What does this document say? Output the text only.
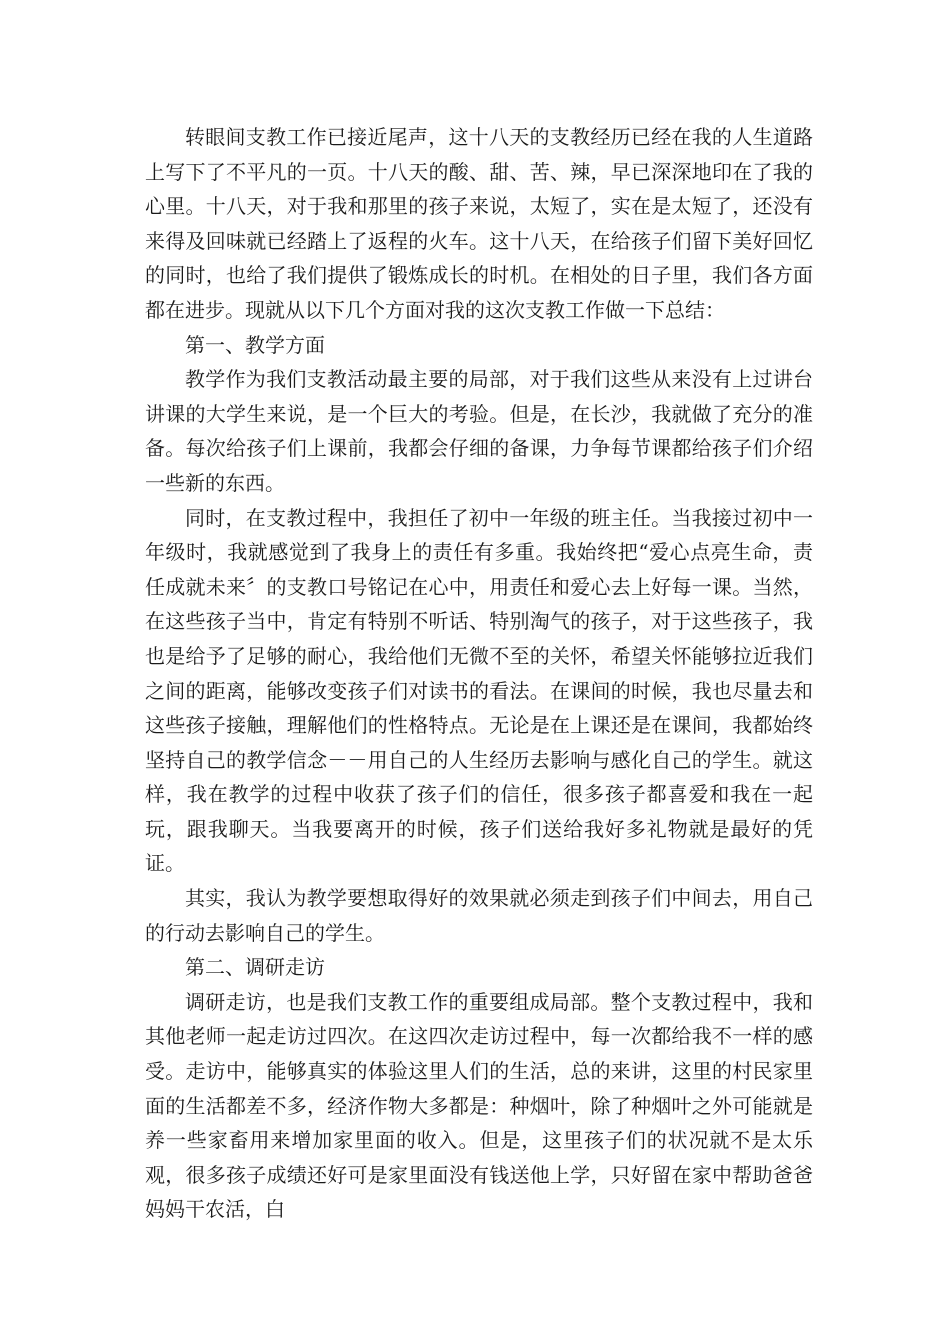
转眼间支教工作已接近尾声，这十八天的支教经历已经在我的人生道路上写下了不平凡的一页。十八天的酸、甜、苦、辣，早已深深地印在了我的心里。十八天，对于我和那里的孩子来说，太短了，实在是太短了，还没有来得及回味就已经踏上了返程的火车。这十八天，在给孩子们留下美好回忆的同时，也给了我们提供了锻炼成长的时机。在相处的日子里，我们各方面都在进步。现就从以下几个方面对我的这次支教工作做一下总结：

第一、教学方面

教学作为我们支教活动最主要的局部，对于我们这些从来没有上过讲台讲课的大学生来说，是一个巨大的考验。但是，在长沙，我就做了充分的准备。每次给孩子们上课前，我都会仔细的备课，力争每节课都给孩子们介绍一些新的东西。

同时，在支教过程中，我担任了初中一年级的班主任。当我接过初中一年级时，我就感觉到了我身上的责任有多重。我始终把“爱心点亮生命，责任成就未来〞的支教口号铭记在心中，用责任和爱心去上好每一课。当然，在这些孩子当中，肯定有特别不听话、特别淘气的孩子，对于这些孩子，我也是给予了足够的耐心，我给他们无微不至的关怀，希望关怀能够拉近我们之间的距离，能够改变孩子们对读书的看法。在课间的时候，我也尽量去和这些孩子接触，理解他们的性格特点。无论是在上课还是在课间，我都始终坚持自己的教学信念－－用自己的人生经历去影响与感化自己的学生。就这样，我在教学的过程中收获了孩子们的信任，很多孩子都喜爱和我在一起玩，跟我聊天。当我要离开的时候，孩子们送给我好多礼物就是最好的凭证。

其实，我认为教学要想取得好的效果就必须走到孩子们中间去，用自己的行动去影响自己的学生。

第二、调研走访

调研走访，也是我们支教工作的重要组成局部。整个支教过程中，我和其他老师一起走访过四次。在这四次走访过程中，每一次都给我不一样的感受。走访中，能够真实的体验这里人们的生活，总的来讲，这里的村民家里面的生活都差不多，经济作物大多都是：种烟叶，除了种烟叶之外可能就是养一些家畜用来增加家里面的收入。但是，这里孩子们的状况就不是太乐观，很多孩子成绩还好可是家里面没有钱送他上学，只好留在家中帮助爸爸妈妈干农活，白
